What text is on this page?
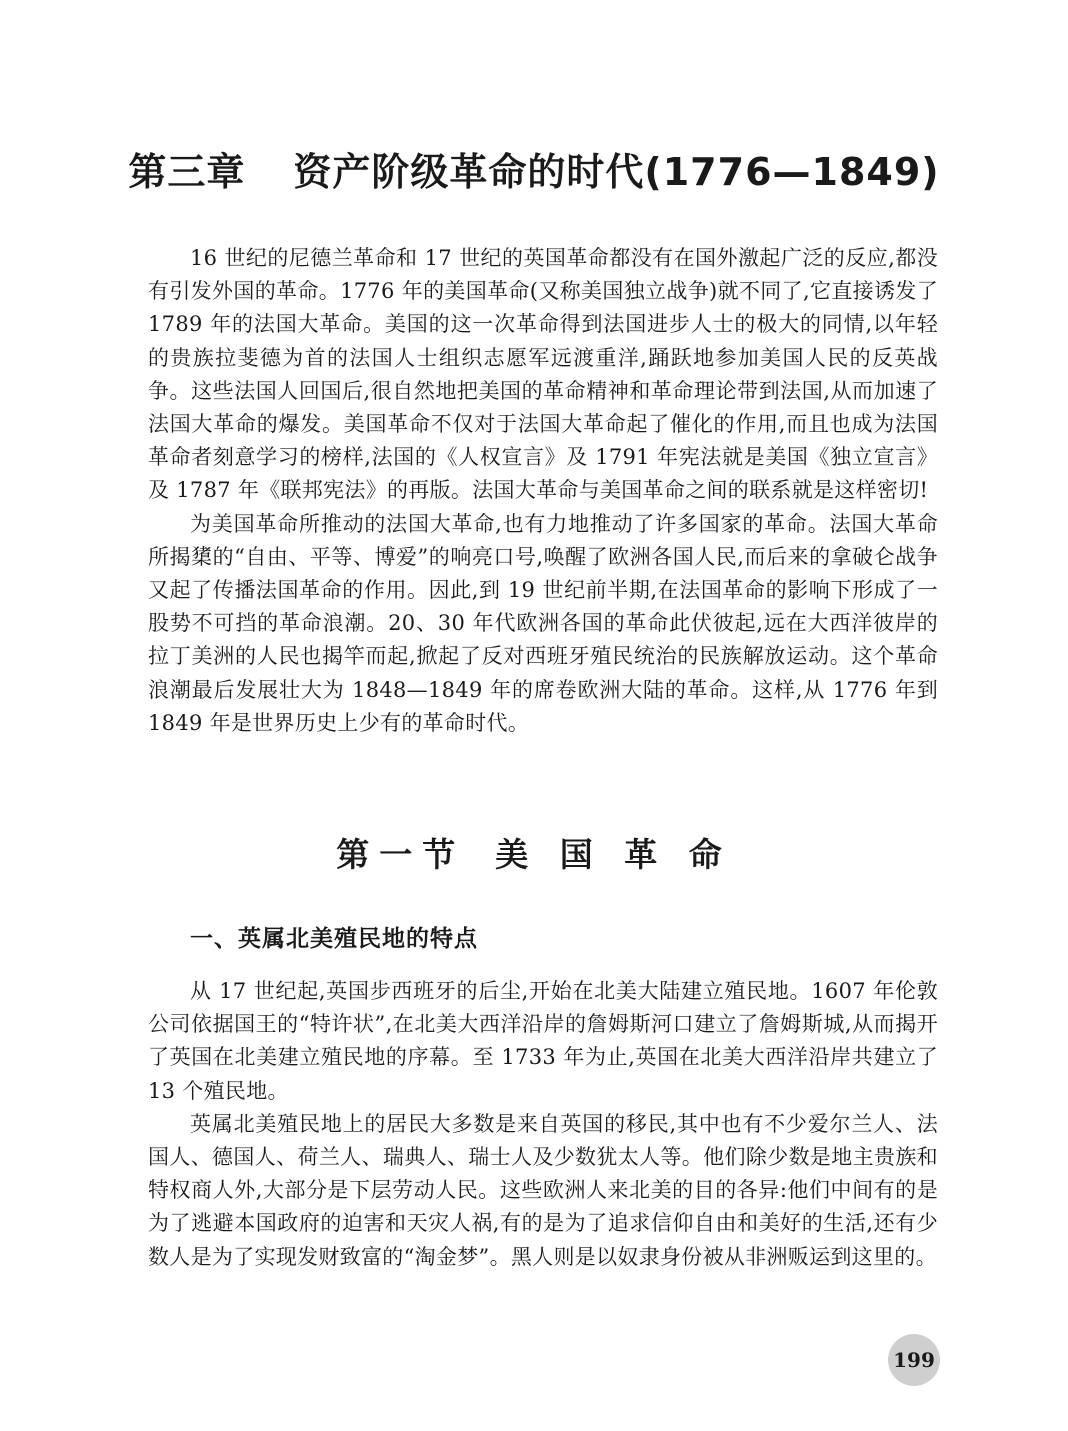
第三章 资产阶级革命的时代(1776—1849)

16 世纪的尼德兰革命和 17 世纪的英国革命都没有在国外激起广泛的反应,都没有引发外国的革命。1776 年的美国革命(又称美国独立战争)就不同了,它直接诱发了 1789 年的法国大革命。美国的这一次革命得到法国进步人士的极大的同情,以年轻的贵族拉斐德为首的法国人士组织志愿军远渡重洋,踊跃地参加美国人民的反英战争。这些法国人回国后,很自然地把美国的革命精神和革命理论带到法国,从而加速了法国大革命的爆发。美国革命不仅对于法国大革命起了催化的作用,而且也成为法国革命者刻意学习的榜样,法国的《人权宣言》及 1791 年宪法就是美国《独立宣言》及 1787 年《联邦宪法》的再版。法国大革命与美国革命之间的联系就是这样密切!

为美国革命所推动的法国大革命,也有力地推动了许多国家的革命。法国大革命所揭橥的“自由、平等、博爱”的响亮口号,唤醒了欧洲各国人民,而后来的拿破仑战争又起了传播法国革命的作用。因此,到 19 世纪前半期,在法国革命的影响下形成了一股势不可挡的革命浪潮。20、30 年代欧洲各国的革命此伏彼起,远在大西洋彼岸的拉丁美洲的人民也揭竿而起,掀起了反对西班牙殖民统治的民族解放运动。这个革命浪潮最后发展壮大为 1848—1849 年的席卷欧洲大陆的革命。这样,从 1776 年到 1849 年是世界历史上少有的革命时代。

第一节 美 国 革 命
一、英属北美殖民地的特点

从 17 世纪起,英国步西班牙的后尘,开始在北美大陆建立殖民地。1607 年伦敦公司依据国王的“特许状”,在北美大西洋沿岸的詹姆斯河口建立了詹姆斯城,从而揭开了英国在北美建立殖民地的序幕。至 1733 年为止,英国在北美大西洋沿岸共建立了 13 个殖民地。

英属北美殖民地上的居民大多数是来自英国的移民,其中也有不少爱尔兰人、法国人、德国人、荷兰人、瑞典人、瑞士人及少数犹太人等。他们除少数是地主贵族和特权商人外,大部分是下层劳动人民。这些欧洲人来北美的目的各异:他们中间有的是为了逃避本国政府的迫害和天灾人祸,有的是为了追求信仰自由和美好的生活,还有少数人是为了实现发财致富的“淘金梦”。黑人则是以奴隶身份被从非洲贩运到这里的。

199
